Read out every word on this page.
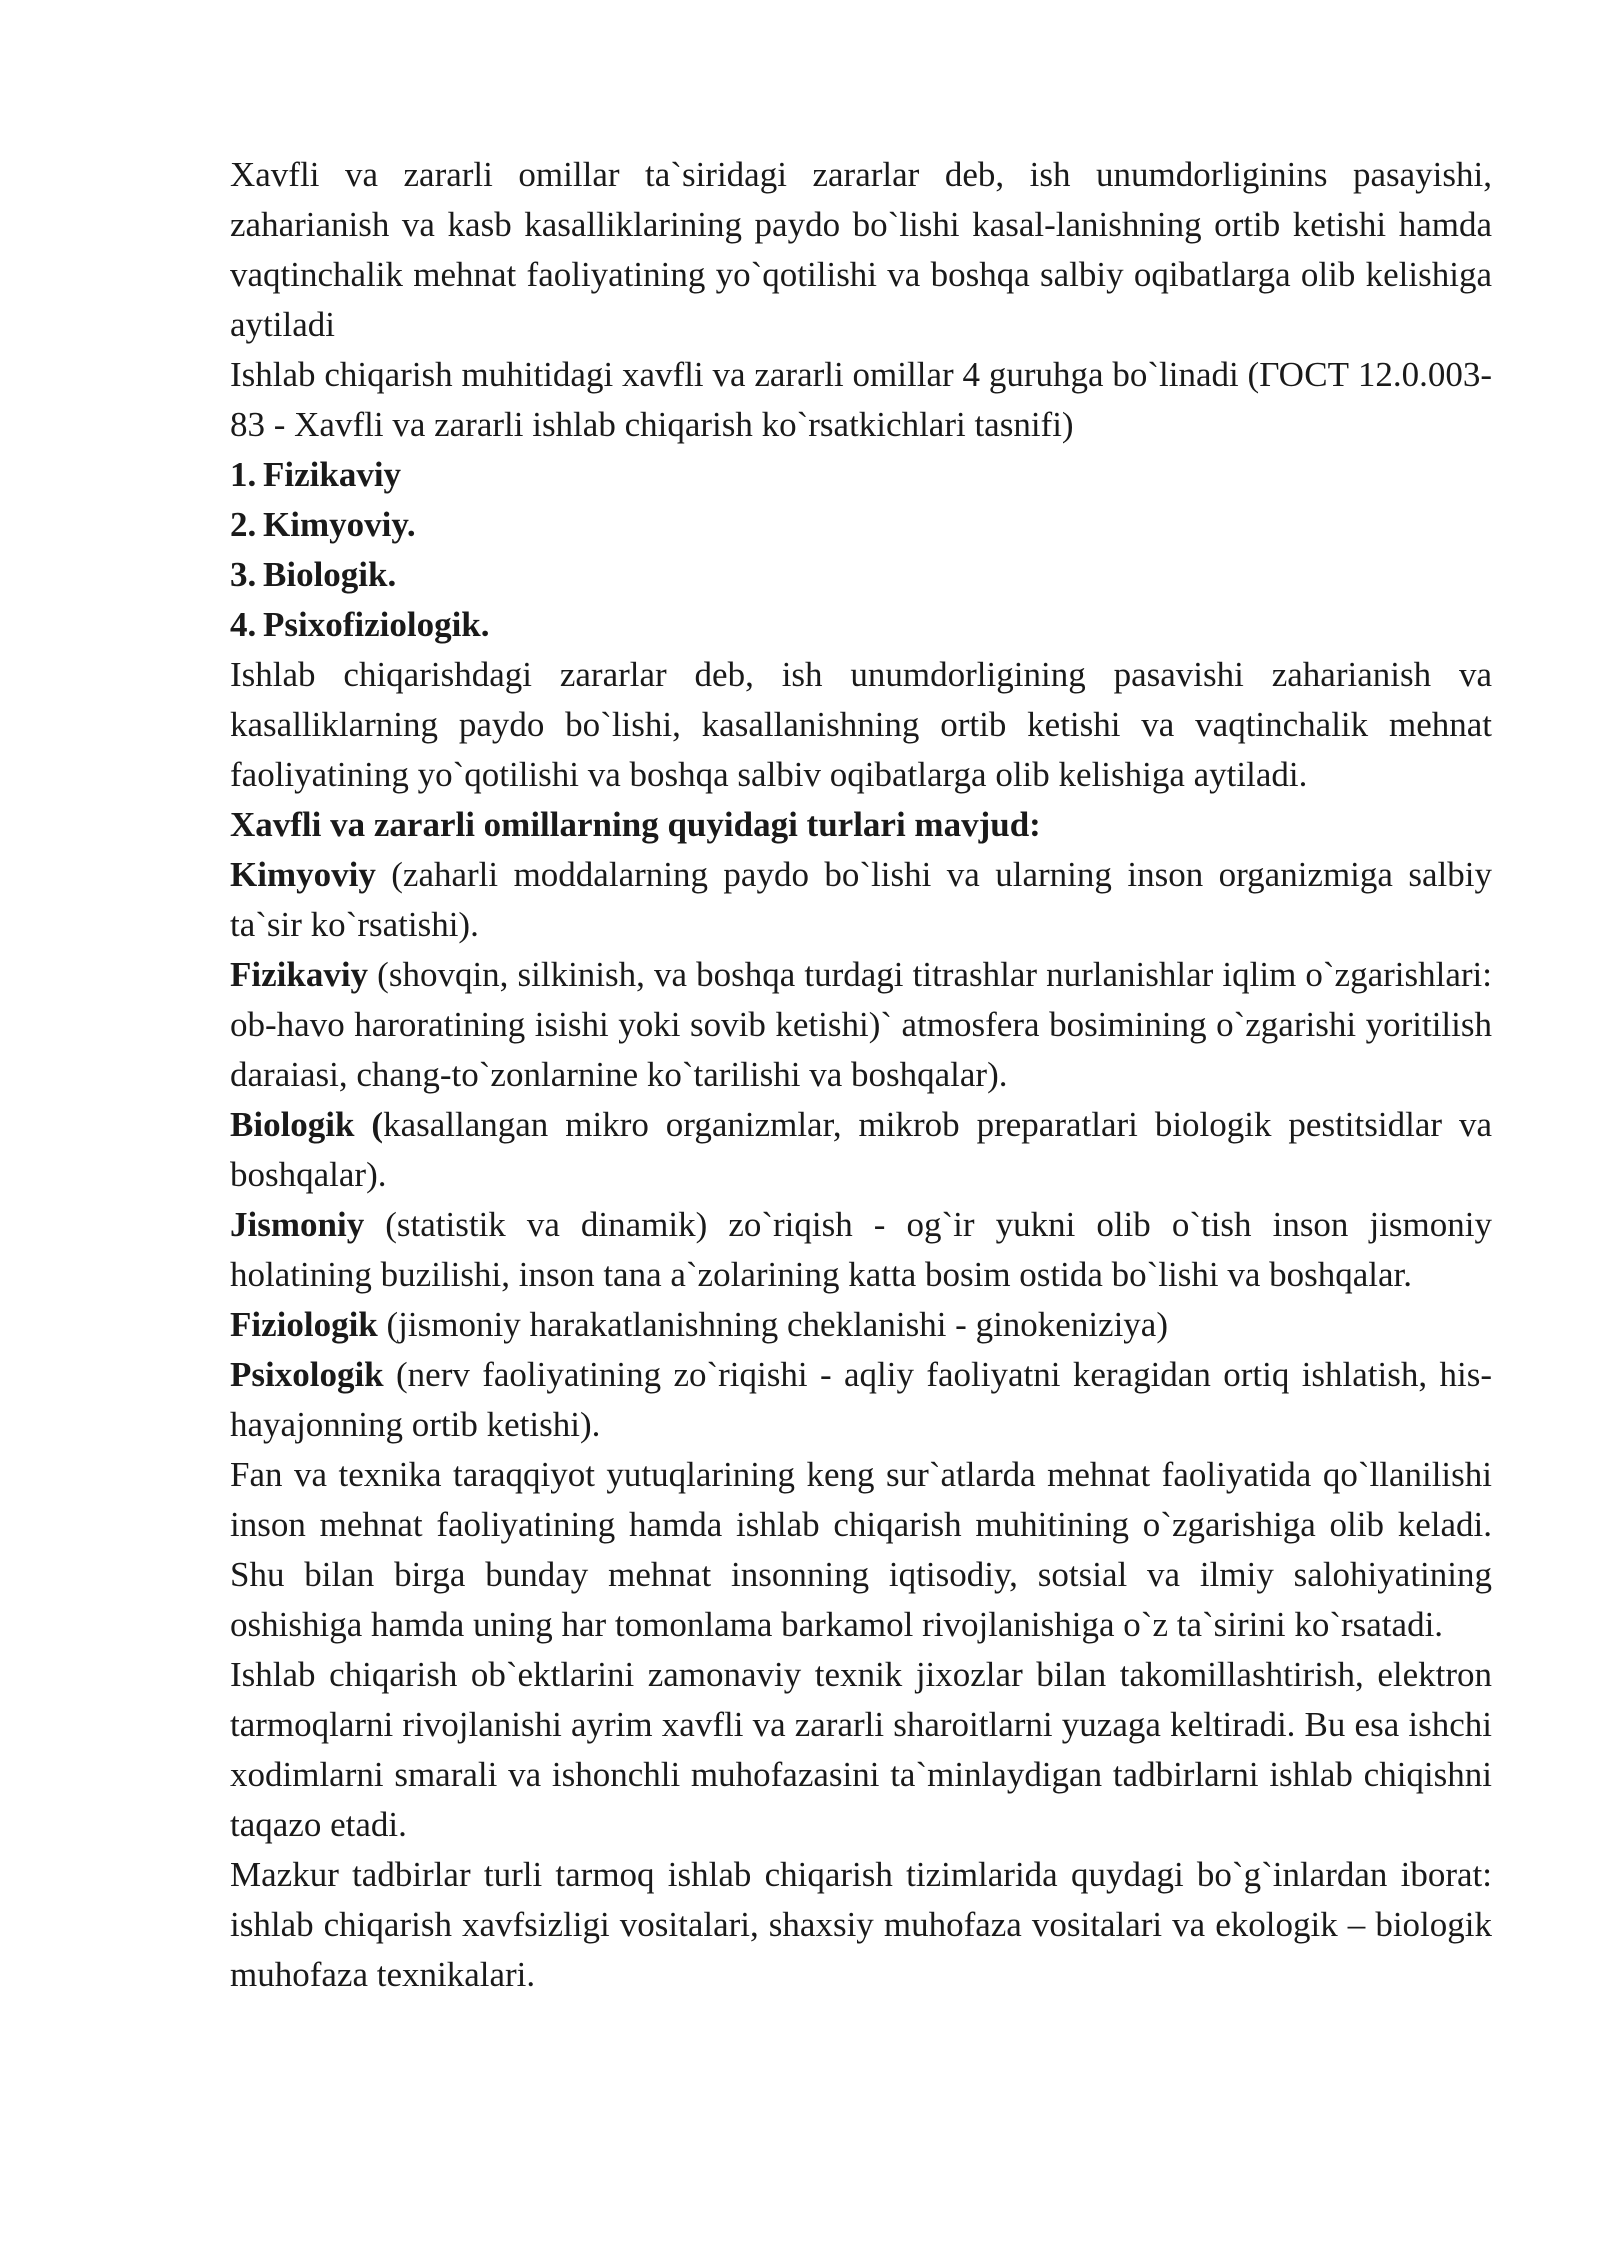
Xavfli va zararli omillar ta`siridagi zararlar deb, ish unumdorliginins pasayishi, zaharianish va kasb kasalliklarining paydo bo`lishi kasal-lanishning ortib ketishi hamda vaqtinchalik mehnat faoliyatining yo`qotilishi va boshqa salbiy oqibatlarga olib kelishiga aytiladi

Ishlab chiqarish muhitidagi xavfli va zararli omillar 4 guruhga bo`linadi (ГОСТ 12.0.003-83 - Xavfli va zararli ishlab chiqarish ko`rsatkichlari tasnifi)

1. Fizikaviy
2. Kimyoviy.
3. Biologik.
4. Psixofiziologik.

Ishlab chiqarishdagi zararlar deb, ish unumdorligining pasavishi zaharianish va kasalliklarning paydo bo`lishi, kasallanishning ortib ketishi va vaqtinchalik mehnat faoliyatining yo`qotilishi va boshqa salbiv oqibatlarga olib kelishiga aytiladi.

Xavfli va zararli omillarning quyidagi turlari mavjud:

Kimyoviy (zaharli moddalarning paydo bo`lishi va ularning inson organizmiga salbiy ta`sir ko`rsatishi).

Fizikaviy (shovqin, silkinish, va boshqa turdagi titrashlar nurlanishlar iqlim o`zgarishlari: ob-havo haroratining isishi yoki sovib ketishi)` atmosfera bosimining o`zgarishi yoritilish daraiasi, chang-to`zonlarnine ko`tarilishi va boshqalar).

Biologik (kasallangan mikro organizmlar, mikrob preparatlari biologik pestitsidlar va boshqalar).

Jismoniy (statistik va dinamik) zo`riqish - og`ir yukni olib o`tish inson jismoniy holatining buzilishi, inson tana a`zolarining katta bosim ostida bo`lishi va boshqalar.

Fiziologik (jismoniy harakatlanishning cheklanishi - ginokeniziya)

Psixologik (nerv faoliyatining zo`riqishi - aqliy faoliyatni keragidan ortiq ishlatish, his-hayajonning ortib ketishi).

Fan va texnika taraqqiyot yutuqlarining keng sur`atlarda mehnat faoliyatida qo`llanilishi inson mehnat faoliyatining hamda ishlab chiqarish muhitining o`zgarishiga olib keladi. Shu bilan birga bunday mehnat insonning iqtisodiy, sotsial va ilmiy salohiyatining oshishiga hamda uning har tomonlama barkamol rivojlanishiga o`z ta`sirini ko`rsatadi.

Ishlab chiqarish ob`ektlarini zamonaviy texnik jixozlar bilan takomillashtirish, elektron tarmoqlarni rivojlanishi ayrim xavfli va zararli sharoitlarni yuzaga keltiradi. Bu esa ishchi xodimlarni smarali va ishonchli muhofazasini ta`minlaydigan tadbirlarni ishlab chiqishni taqazo etadi.

Mazkur tadbirlar turli tarmoq ishlab chiqarish tizimlarida quydagi bo`g`inlardan iborat: ishlab chiqarish xavfsizligi vositalari, shaxsiy muhofaza vositalari va ekologik – biologik muhofaza texnikalari.
